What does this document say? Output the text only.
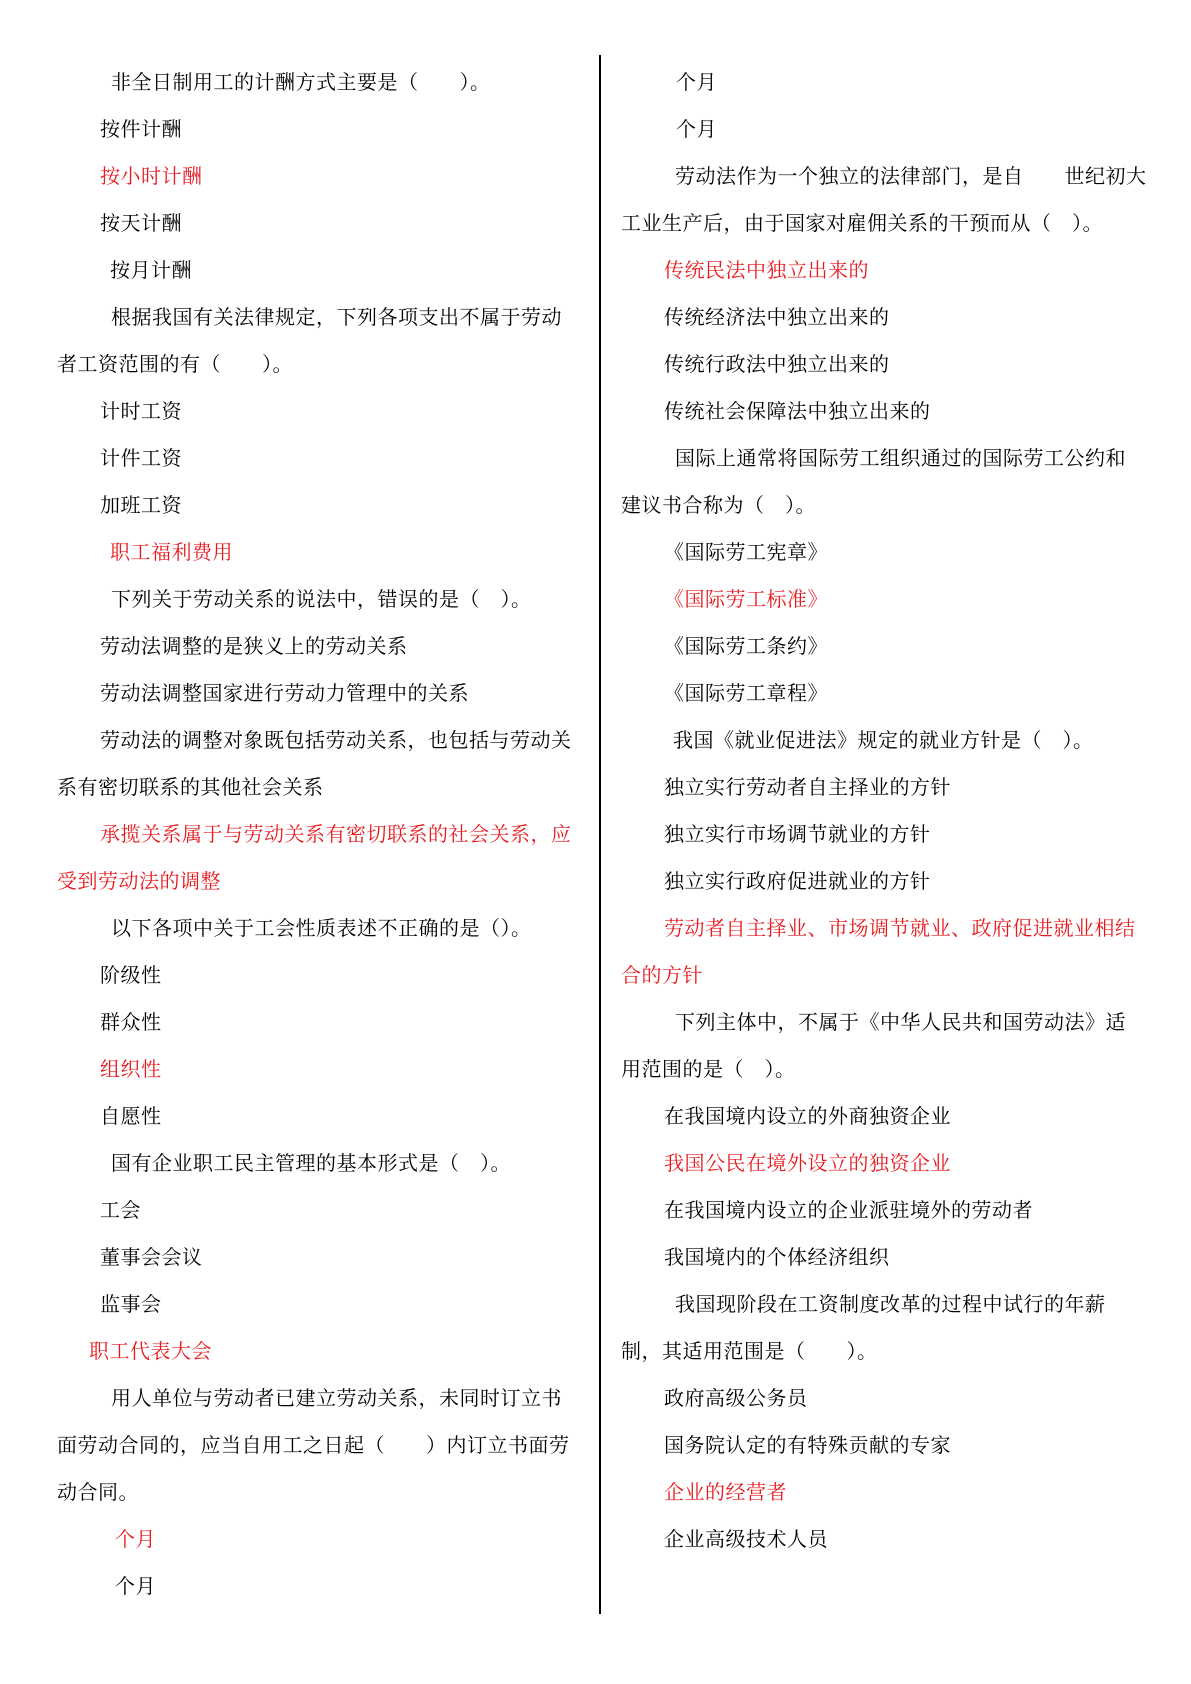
非全日制用工的计酬方式主要是（　　）。
按件计酬
按小时计酬
按天计酬
按月计酬
根据我国有关法律规定，下列各项支出不属于劳动
者工资范围的有（　　）。
计时工资
计件工资
加班工资
职工福利费用
下列关于劳动关系的说法中，错误的是（　）。
劳动法调整的是狭义上的劳动关系
劳动法调整国家进行劳动力管理中的关系
劳动法的调整对象既包括劳动关系，也包括与劳动关
系有密切联系的其他社会关系
承揽关系属于与劳动关系有密切联系的社会关系，应
受到劳动法的调整
以下各项中关于工会性质表述不正确的是（）。
阶级性
群众性
组织性
自愿性
国有企业职工民主管理的基本形式是（　）。
工会
董事会会议
监事会
职工代表大会
用人单位与劳动者已建立劳动关系，未同时订立书
面劳动合同的，应当自用工之日起（　　）内订立书面劳
动合同。
个月
个月
个月
个月
劳动法作为一个独立的法律部门，是自　　世纪初大
工业生产后，由于国家对雇佣关系的干预而从（　）。
传统民法中独立出来的
传统经济法中独立出来的
传统行政法中独立出来的
传统社会保障法中独立出来的
国际上通常将国际劳工组织通过的国际劳工公约和
建议书合称为（　）。
《国际劳工宪章》
《国际劳工标准》
《国际劳工条约》
《国际劳工章程》
我国《就业促进法》规定的就业方针是（　）。
独立实行劳动者自主择业的方针
独立实行市场调节就业的方针
独立实行政府促进就业的方针
劳动者自主择业、市场调节就业、政府促进就业相结
合的方针
下列主体中，不属于《中华人民共和国劳动法》适
用范围的是（　）。
在我国境内设立的外商独资企业
我国公民在境外设立的独资企业
在我国境内设立的企业派驻境外的劳动者
我国境内的个体经济组织
我国现阶段在工资制度改革的过程中试行的年薪
制，其适用范围是（　　）。
政府高级公务员
国务院认定的有特殊贡献的专家
企业的经营者
企业高级技术人员
